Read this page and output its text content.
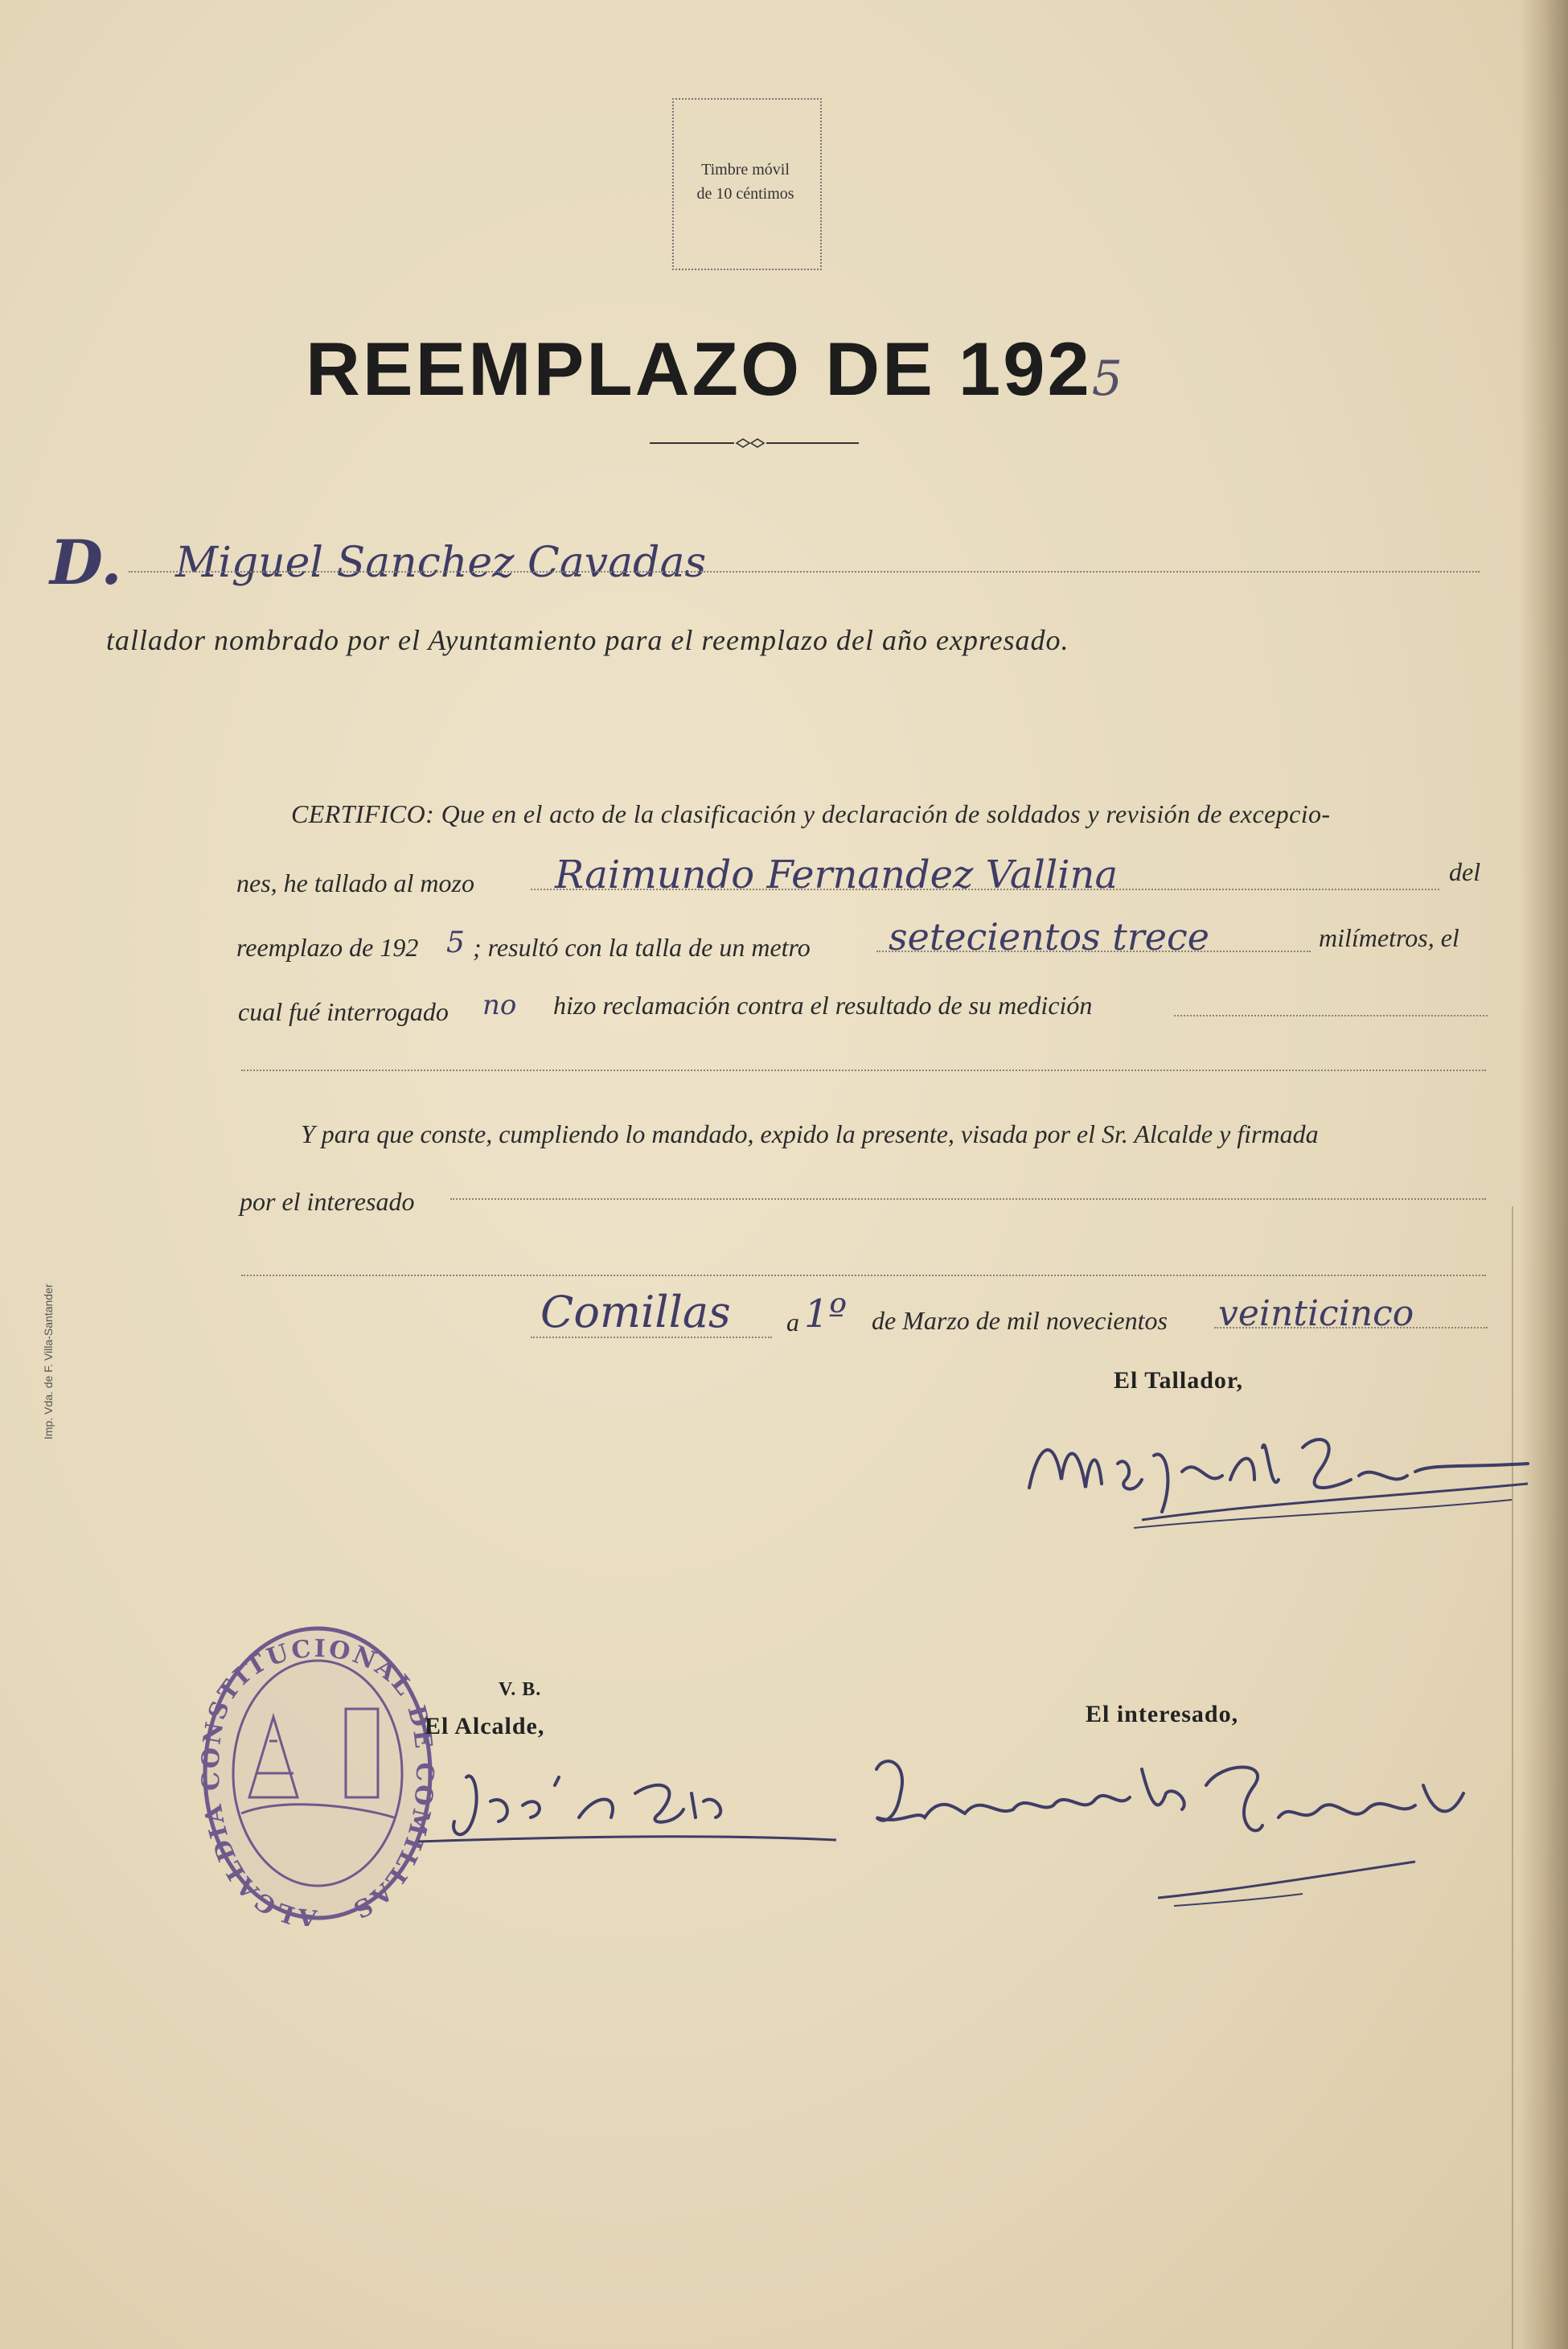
Timbre móvil
de 10 céntimos
REEMPLAZO DE 1925
D. Miguel Sanchez Cavadas
tallador nombrado por el Ayuntamiento para el reemplazo del año expresado.
CERTIFICO: Que en el acto de la clasificación y declaración de soldados y revisión de excepcio-
nes, he tallado al mozo Raimundo Fernandez Vallina	del
reemplazo de 192 5 ; resultó con la talla de un metro setecientos trece	milímetros, el
cual fué interrogado no hizo reclamación contra el resultado de su medición
Y para que conste, cumpliendo lo mandado, expido la presente, visada por el Sr. Alcalde y firmada
por el interesado
Comillas a 1º de Marzo de mil novecientos veinticinco
El Tallador,
ALCALDIA CONSTITUCIONAL DE COMILLAS
V. B.
El Alcalde,	El interesado,
Imp. Vda. de F. Villa-Santander
